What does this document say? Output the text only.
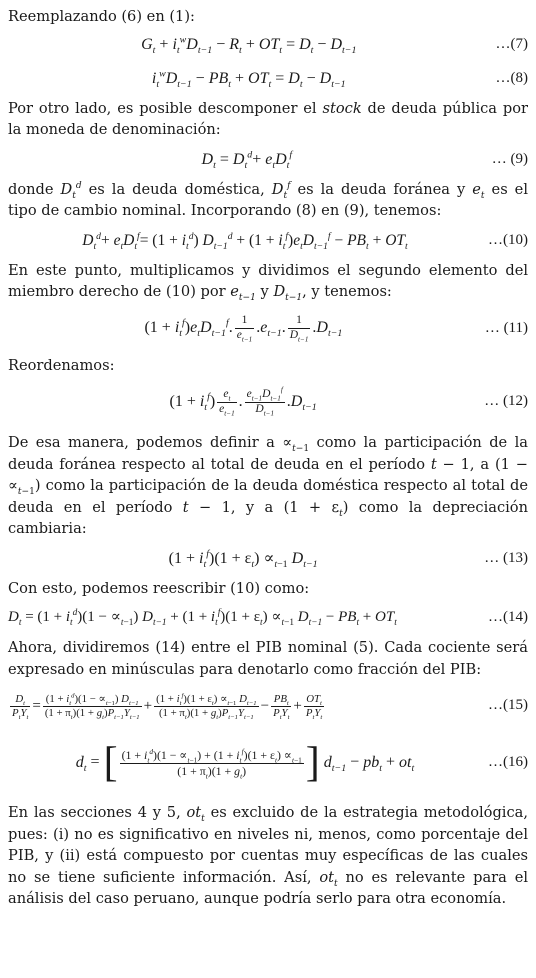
Reemplazando (6) en (1):

$G_t + i_t^wD_{t-1} - R_t + OT_t = D_t - D_{t-1}$	…(7)
$i_t^wD_{t-1} - PB_t + OT_t = D_t - D_{t-1}$	…(8)

Por otro lado, es posible descomponer el stock de deuda pública por la moneda de denominación:

$D_t = D_t^d+ e_tD_t^f$	… (9)

donde $D_t^d$ es la deuda doméstica, $D_t^f$ es la deuda foránea y $e_t$ es el tipo de cambio nominal. Incorporando (8) en (9), tenemos:

$D_t^d+ e_tD_t^f= (1 + i_t^d) D_{t-1}^d + (1 + i_t^f)e_tD_{t-1}^f - PB_t + OT_t$	…(10)

En este punto, multiplicamos y dividimos el segundo elemento del miembro derecho de (10) por $e_{t-1}$ y $D_{t-1}$, y tenemos:

$(1 + i_t^f)e_tD_{t-1}^f$. $\frac{1}{e_{t-1}} .e_{t-1}$. $\frac{1}{D_{t-1}} .D_{t-1}$	… (11)

Reordenamos:

$(1 + i_t^f) \frac{e_t}{e_{t-1}}$ . $\frac{e_{t-1}D_{t-1}^f}{D_{t-1}} .D_{t-1}$	… (12)

De esa manera, podemos definir $a \propto_{t-1}$ como la participación de la deuda foránea respecto al total de deuda en el período t − 1, a $(1 - \propto_{t-1})$ como la participación de la deuda doméstica respecto al total de deuda en el período t − 1, y a $(1 + \varepsilon_t)$ como la depreciación cambiaria:

$(1 + i_t^f)(1 + \varepsilon_t) \propto_{t-1}$ $D_{t-1}$	… (13)

Con esto, podemos reescribir (10) como:

$D_t = (1 + i_t^d)(1 - \propto_{t-1}) D_{t-1} + (1 + i_t^f)(1 + \varepsilon_t) \propto_{t-1}$ $D_{t-1} - PB_t + OT_t$	…(14)

Ahora, dividiremos (14) entre el PIB nominal (5). Cada cociente será expresado en minúsculas para denotarlo como fracción del PIB:

$\frac{D_t}{P_tY_t} = \frac{(1 + i_t^d)(1 - \propto_{t-1}) D_{t-1}}{(1 + \pi_t)(1 + g_t)P_{t-1}Y_{t-1}} + \frac{(1 + i_t^f)(1 + \varepsilon_t) \propto_{t-1} D_{t-1}}{(1 + \pi_t)(1 + g_t)P_{t-1}Y_{t-1}} - \frac{PB_t}{P_tY_t} + \frac{OT_t}{P_tY_t}$	…(15)
$d_t$ = [ $\frac{(1 + i_t^d)(1 - \propto_{t-1}) + (1 + i_t^f)(1 + \varepsilon_t) \propto_{t-1}}{(1 + \pi_t)(1 + g_t)}$ ] $d_{t-1} - pb_t + ot_t$	…(16)

En las secciones 4 y 5, $ot_t$ es excluido de la estrategia metodológica, pues: (i) no es significativo en niveles ni, menos, como porcentaje del PIB, y (ii) está compuesto por cuentas muy específicas de las cuales no se tiene suficiente información. Así, $ot_t$ no es relevante para el análisis del caso peruano, aunque podría serlo para otra economía.
